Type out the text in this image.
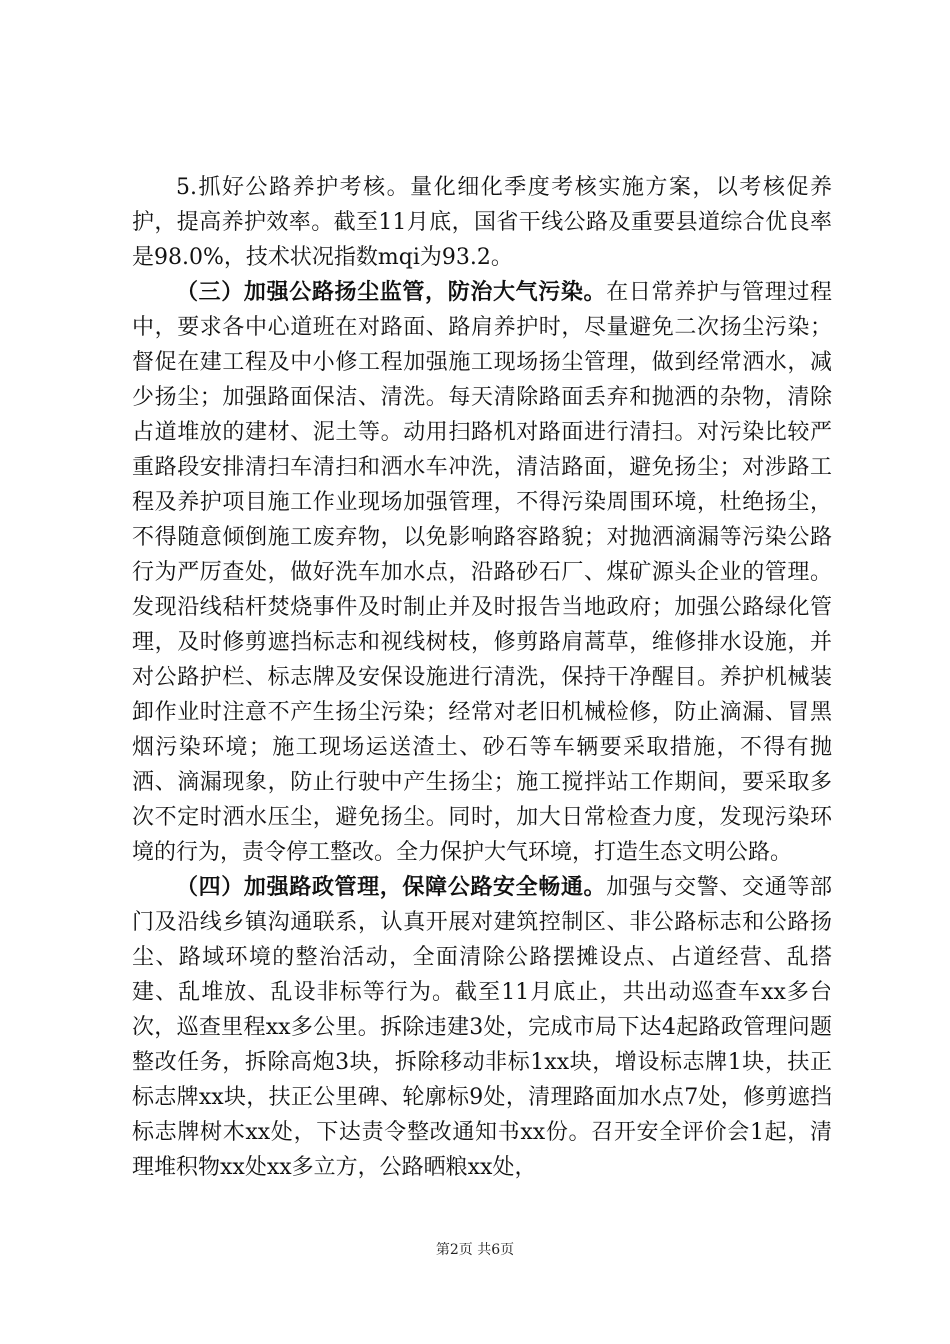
5.抓好公路养护考核。量化细化季度考核实施方案，以考核促养护，提高养护效率。截至11月底，国省干线公路及重要县道综合优良率是98.0%，技术状况指数mqi为93.2。

（三）加强公路扬尘监管，防治大气污染。在日常养护与管理过程中，要求各中心道班在对路面、路肩养护时，尽量避免二次扬尘污染；督促在建工程及中小修工程加强施工现场扬尘管理，做到经常洒水，减少扬尘；加强路面保洁、清洗。每天清除路面丢弃和抛洒的杂物，清除占道堆放的建材、泥土等。动用扫路机对路面进行清扫。对污染比较严重路段安排清扫车清扫和洒水车冲洗，清洁路面，避免扬尘；对涉路工程及养护项目施工作业现场加强管理，不得污染周围环境，杜绝扬尘，不得随意倾倒施工废弃物，以免影响路容路貌；对抛洒滴漏等污染公路行为严厉查处，做好洗车加水点，沿路砂石厂、煤矿源头企业的管理。发现沿线秸杆焚烧事件及时制止并及时报告当地政府；加强公路绿化管理，及时修剪遮挡标志和视线树枝，修剪路肩蒿草，维修排水设施，并对公路护栏、标志牌及安保设施进行清洗，保持干净醒目。养护机械装卸作业时注意不产生扬尘污染；经常对老旧机械检修，防止滴漏、冒黑烟污染环境；施工现场运送渣土、砂石等车辆要采取措施，不得有抛洒、滴漏现象，防止行驶中产生扬尘；施工搅拌站工作期间，要采取多次不定时洒水压尘，避免扬尘。同时，加大日常检查力度，发现污染环境的行为，责令停工整改。全力保护大气环境，打造生态文明公路。

（四）加强路政管理，保障公路安全畅通。加强与交警、交通等部门及沿线乡镇沟通联系，认真开展对建筑控制区、非公路标志和公路扬尘、路域环境的整治活动，全面清除公路摆摊设点、占道经营、乱搭建、乱堆放、乱设非标等行为。截至11月底止，共出动巡查车xx多台次，巡查里程xx多公里。拆除违建3处，完成市局下达4起路政管理问题整改任务，拆除高炮3块，拆除移动非标1xx块，增设标志牌1块，扶正标志牌xx块，扶正公里碑、轮廓标9处，清理路面加水点7处，修剪遮挡标志牌树木xx处，下达责令整改通知书xx份。召开安全评价会1起，清理堆积物xx处xx多立方，公路晒粮xx处，

第2页 共6页
